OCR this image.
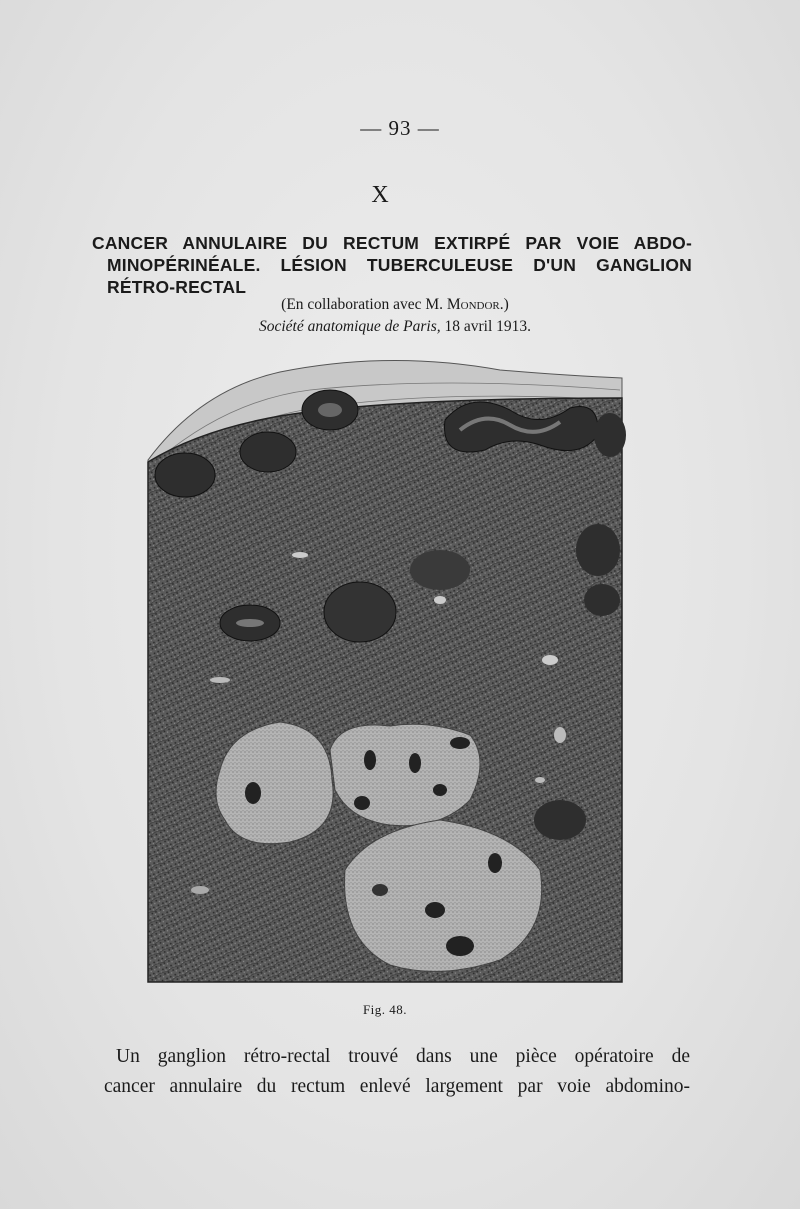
— 93 —
X
CANCER ANNULAIRE DU RECTUM EXTIRPÉ PAR VOIE ABDO-
MINOPÉRINÉALE. LÉSION TUBERCULEUSE D'UN GANGLION
RÉTRO-RECTAL
(En collaboration avec M. Mondor.)
Société anatomique de Paris, 18 avril 1913.
Fig. 48.
Un ganglion rétro-rectal trouvé dans une pièce opératoire de
cancer annulaire du rectum enlevé largement par voie abdomino-
